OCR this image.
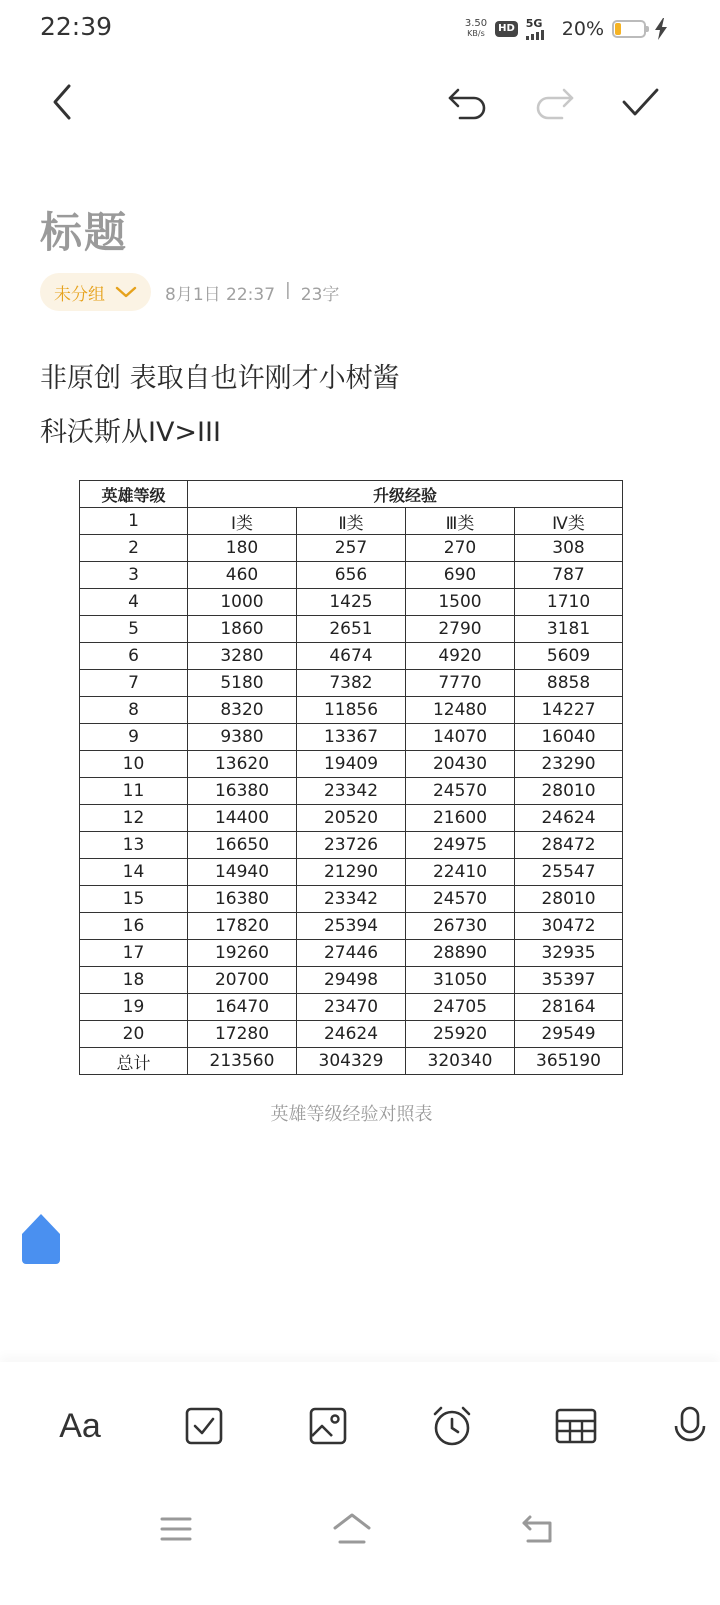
22:39	3.50
KB/s	HD 5G 20%
标题
未分组	8月1日 22:37 | 23字
非原创 表取自也许刚才小树酱
科沃斯从IV>III
英雄等级	升级经验			
1	Ⅰ类	Ⅱ类	Ⅲ类	Ⅳ类
2	180	257	270	308
3	460	656	690	787
4	1000	1425	1500	1710
5	1860	2651	2790	3181
6	3280	4674	4920	5609
7	5180	7382	7770	8858
8	8320	11856	12480	14227
9	9380	13367	14070	16040
10	13620	19409	20430	23290
11	16380	23342	24570	28010
12	14400	20520	21600	24624
13	16650	23726	24975	28472
14	14940	21290	22410	25547
15	16380	23342	24570	28010
16	17820	25394	26730	30472
17	19260	27446	28890	32935
18	20700	29498	31050	35397
19	16470	23470	24705	28164
20	17280	24624	25920	29549
总计	213560	304329	320340	365190
英雄等级经验对照表
Aa
